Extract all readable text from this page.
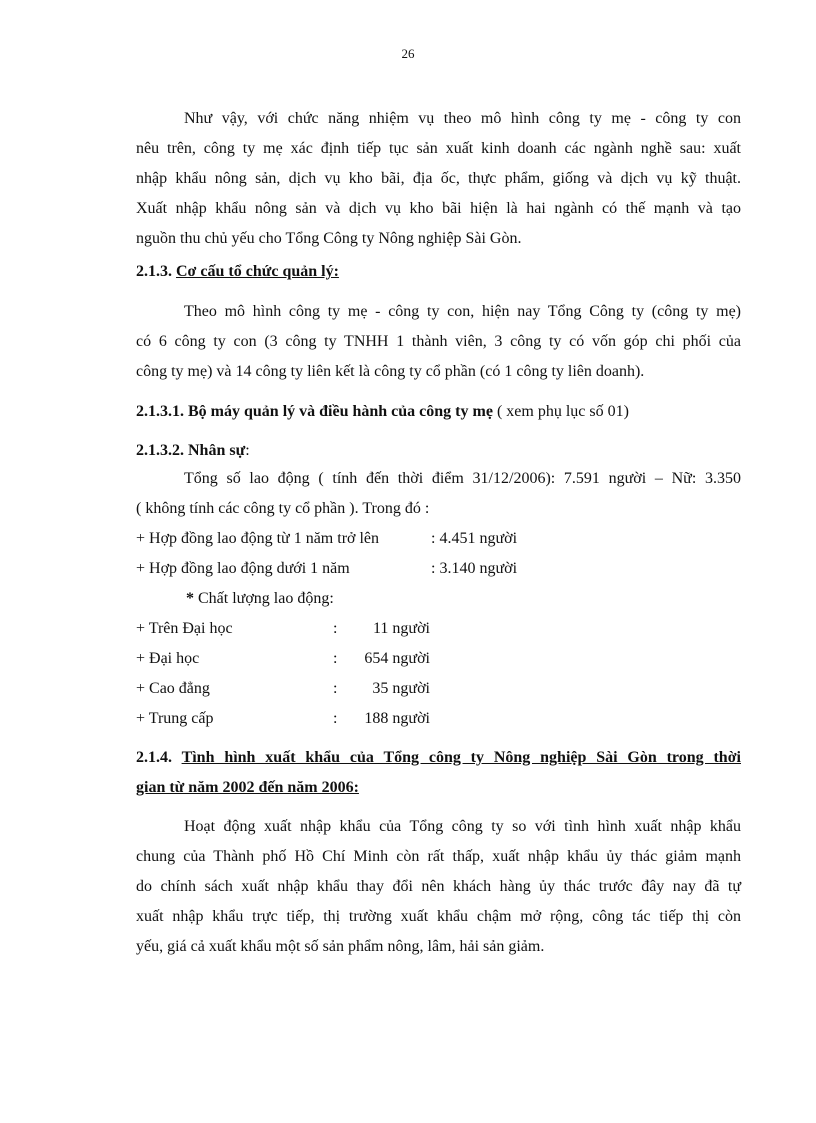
26

Như vậy, với chức năng nhiệm vụ theo mô hình công ty mẹ - công ty con

nêu trên, công ty mẹ xác định tiếp tục sản xuất kinh doanh các ngành nghề sau: xuất

nhập khẩu nông sản, dịch vụ kho bãi, địa ốc, thực phẩm, giống và dịch vụ kỹ thuật.

Xuất nhập khẩu nông sản và dịch vụ kho bãi hiện là hai ngành có thế mạnh và tạo

nguồn thu chủ yếu cho Tổng Công ty Nông nghiệp Sài Gòn.

2.1.3. Cơ cấu tổ chức quản lý:

Theo mô hình công ty mẹ - công ty con, hiện nay Tổng Công ty (công ty mẹ)

có 6 công ty con (3 công ty TNHH 1 thành viên, 3 công ty có vốn góp chi phối của

công ty mẹ) và 14 công ty liên kết là công ty cổ phần (có 1 công ty liên doanh).

2.1.3.1. Bộ máy quản lý và điều hành của công ty mẹ ( xem phụ lục số 01)
2.1.3.2. Nhân sự:

Tổng số lao động ( tính đến thời điểm 31/12/2006): 7.591 người – Nữ: 3.350

( không tính các công ty cổ phần ). Trong đó :

+ Hợp đồng lao động từ 1 năm trở lên	: 4.451 người
+ Hợp đồng lao động dưới 1 năm	: 3.140 người
* Chất lượng lao động:
+ Trên Đại học	:	11 người
+ Đại học	:	654 người
+ Cao đẳng	:	35 người
+ Trung cấp	:	188 người

2.1.4. Tình hình xuất khẩu của Tổng công ty Nông nghiệp Sài Gòn trong thời

gian từ năm 2002 đến năm 2006:

Hoạt động xuất nhập khẩu của Tổng công ty so với tình hình xuất nhập khẩu

chung của Thành phố Hồ Chí Minh còn rất thấp, xuất nhập khẩu ủy thác giảm mạnh

do chính sách xuất nhập khẩu thay đổi nên khách hàng ủy thác trước đây nay đã tự

xuất nhập khẩu trực tiếp, thị trường xuất khẩu chậm mở rộng, công tác tiếp thị còn

yếu, giá cả xuất khẩu một số sản phẩm nông, lâm, hải sản giảm.
